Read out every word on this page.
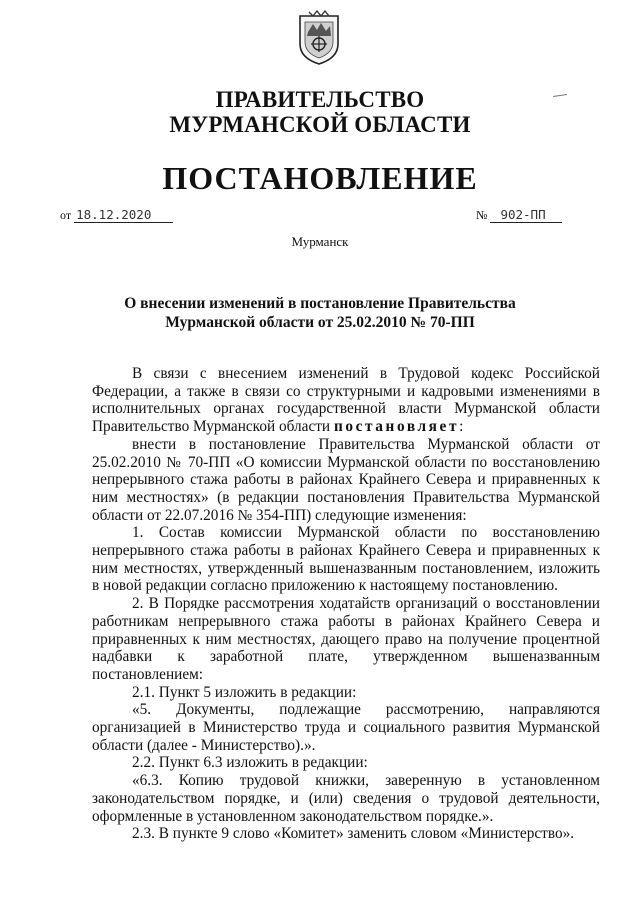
ПРАВИТЕЛЬСТВО
МУРМАНСКОЙ ОБЛАСТИ
ПОСТАНОВЛЕНИЕ
от 18.12.2020	№ 902-ПП
Мурманск
О внесении изменений в постановление Правительства
Мурманской области от 25.02.2010 № 70-ПП

В связи с внесением изменений в Трудовой кодекс Российской Федерации, а также в связи со структурными и кадровыми изменениями в исполнительных органах государственной власти Мурманской области Правительство Мурманской области постановляет:

внести в постановление Правительства Мурманской области от 25.02.2010 № 70-ПП «О комиссии Мурманской области по восстановлению непрерывного стажа работы в районах Крайнего Севера и приравненных к ним местностях» (в редакции постановления Правительства Мурманской области от 22.07.2016 № 354-ПП) следующие изменения:

1. Состав комиссии Мурманской области по восстановлению непрерывного стажа работы в районах Крайнего Севера и приравненных к ним местностях, утвержденный вышеназванным постановлением, изложить в новой редакции согласно приложению к настоящему постановлению.

2. В Порядке рассмотрения ходатайств организаций о восстановлении работникам непрерывного стажа работы в районах Крайнего Севера и приравненных к ним местностях, дающего право на получение процентной надбавки к заработной плате, утвержденном вышеназванным постановлением:

2.1. Пункт 5 изложить в редакции:

«5. Документы, подлежащие рассмотрению, направляются организацией в Министерство труда и социального развития Мурманской области (далее - Министерство).».

2.2. Пункт 6.3 изложить в редакции:

«6.3. Копию трудовой книжки, заверенную в установленном законодательством порядке, и (или) сведения о трудовой деятельности, оформленные в установленном законодательством порядке.».

2.3. В пункте 9 слово «Комитет» заменить словом «Министерство».
